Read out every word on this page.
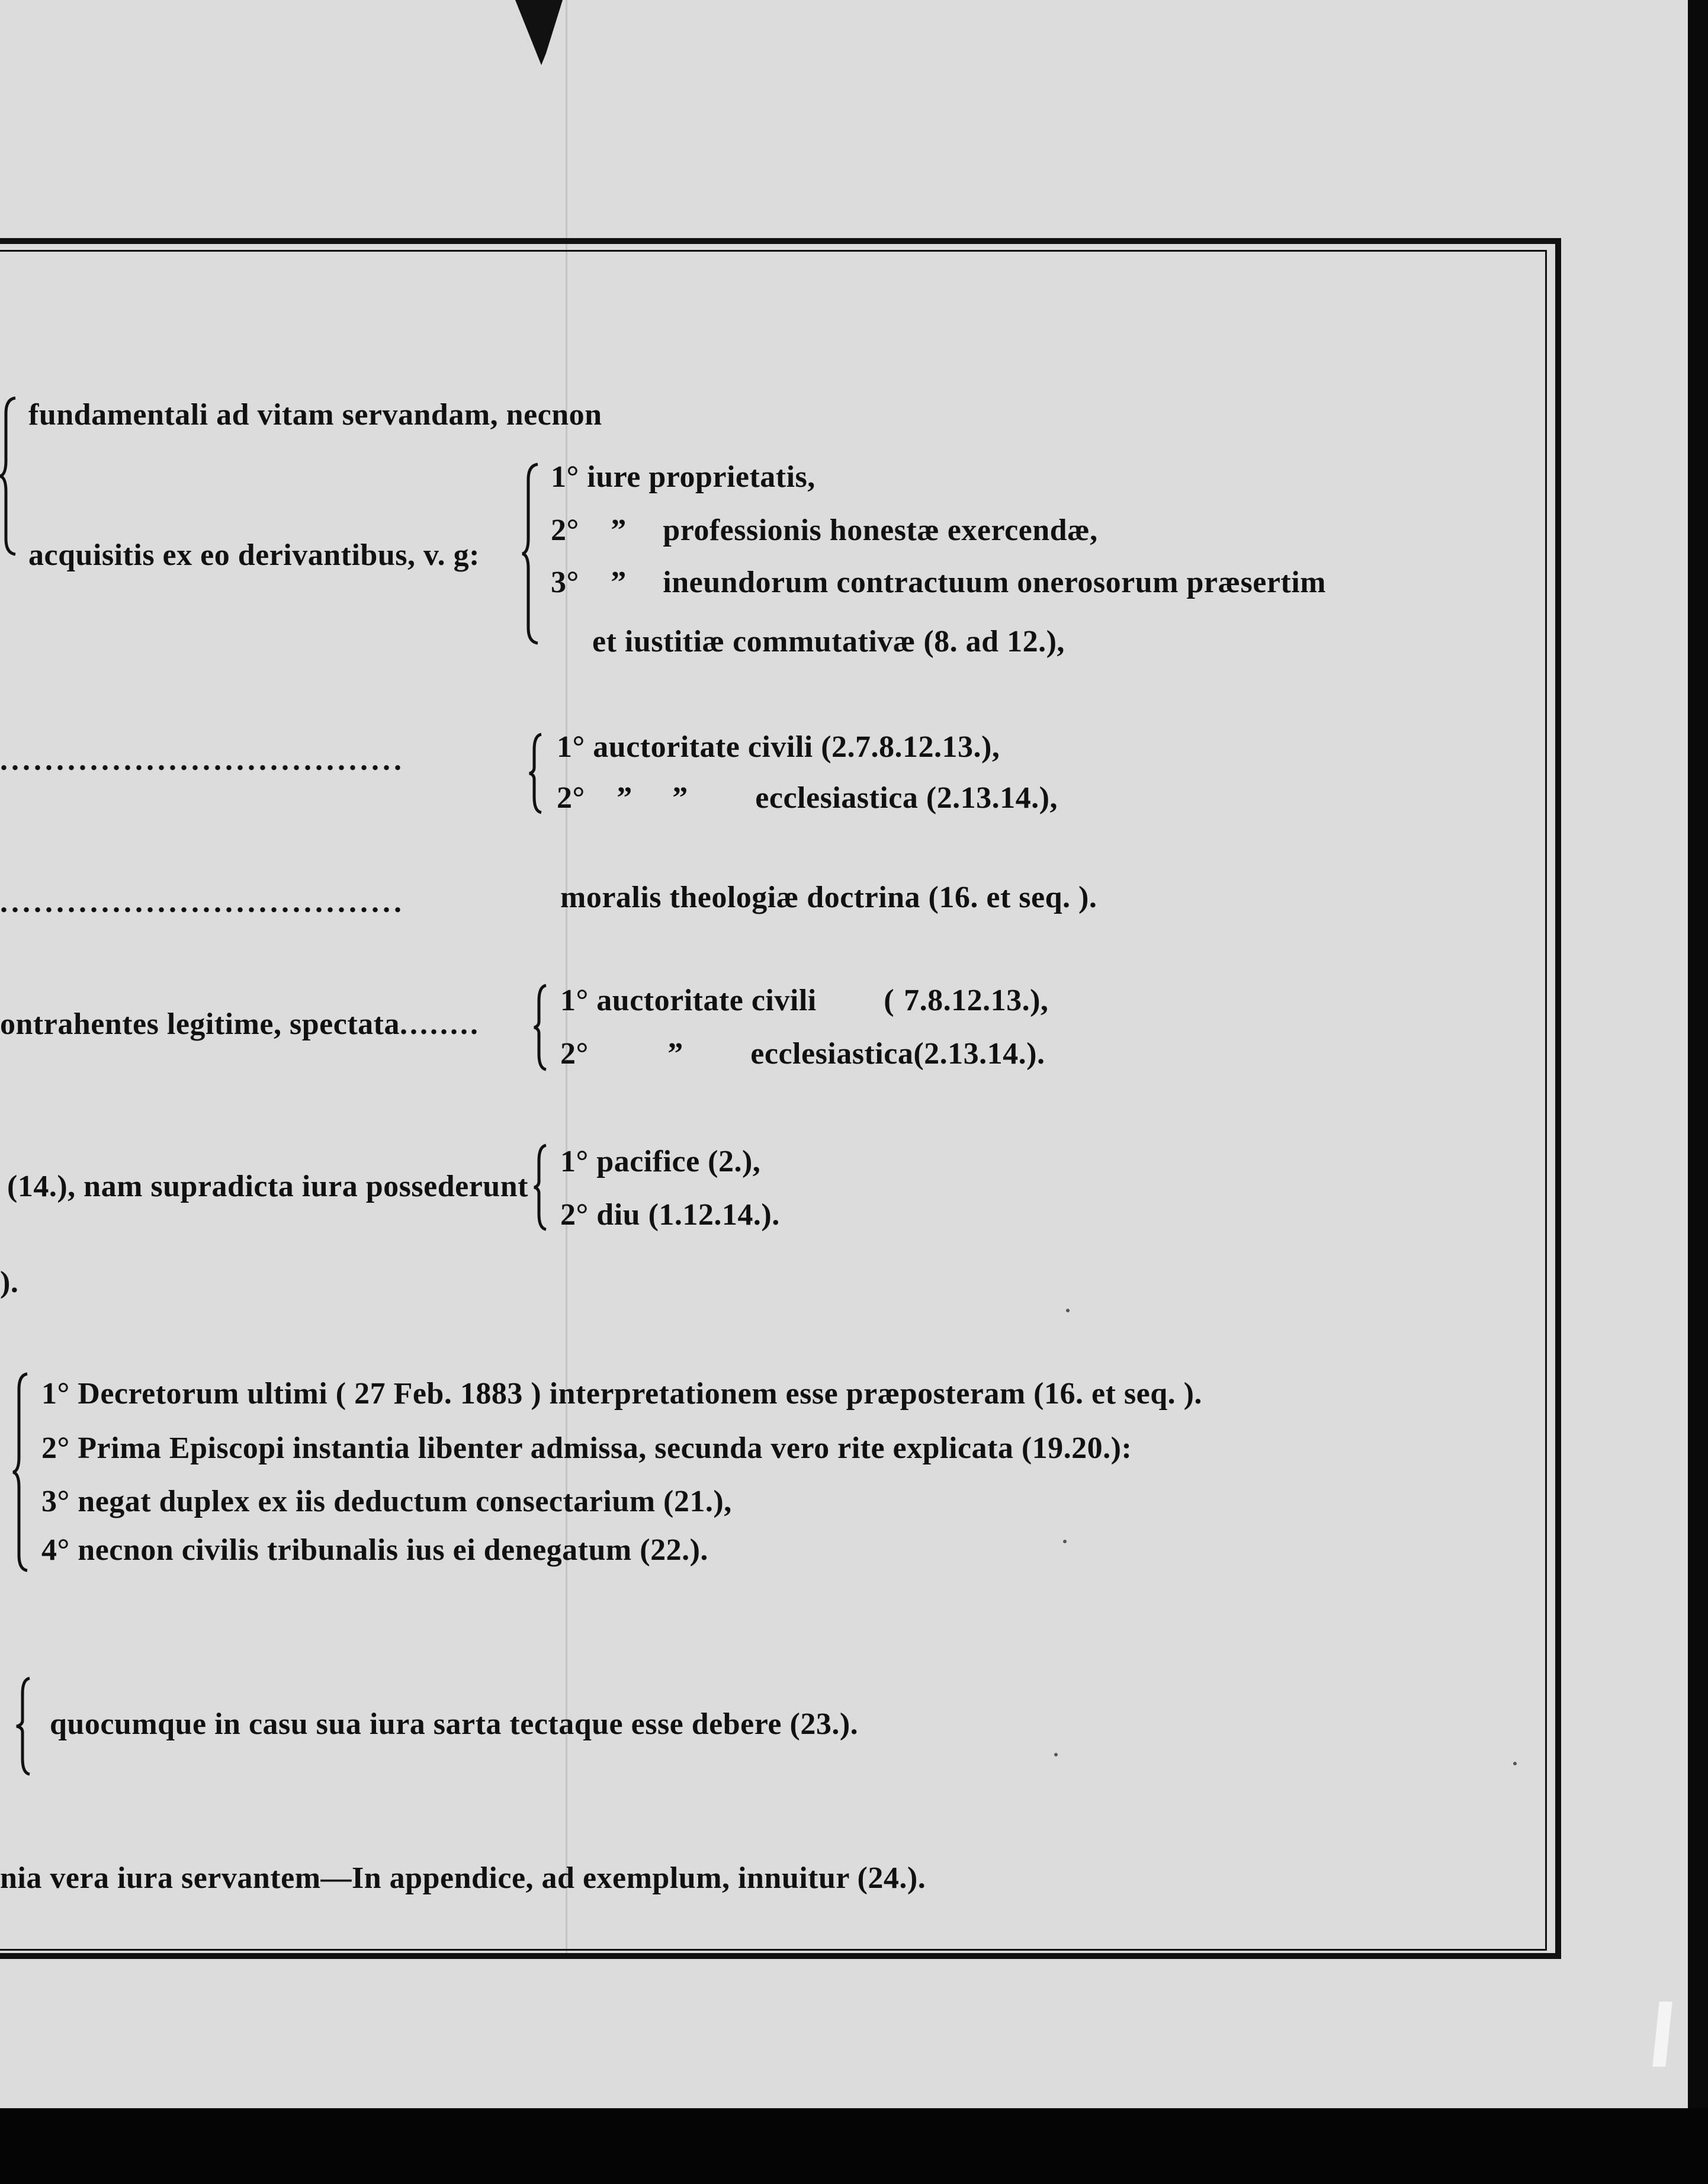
fundamentali ad vitam servandam, necnon
1° iure proprietatis,
2° ” professionis honestæ exercendæ,
acquisitis ex eo derivantibus, v. g:
3° ” ineundorum contractuum onerosorum præsertim
et iustitiæ commutativæ (8. ad 12.),
....................................	1° auctoritate civili (2.7.8.12.13.),
2° ”     ” ecclesiastica (2.13.14.),
....................................	moralis theologiæ doctrina (16. et seq. ).
ontrahentes legitime, spectata........
1° auctoritate civili ( 7.8.12.13.),
2°	” ecclesiastica(2.13.14.).
(14.), nam supradicta iura possederunt
1° pacifice (2.),
2° diu (1.12.14.).
).
1° Decretorum ultimi ( 27 Feb. 1883 ) interpretationem esse præposteram (16. et seq. ).
2° Prima Episcopi instantia libenter admissa, secunda vero rite explicata (19.20.):
3° negat duplex ex iis deductum consectarium (21.),
4° necnon civilis tribunalis ius ei denegatum (22.).
quocumque in casu sua iura sarta tectaque esse debere (23.).
nia vera iura servantem—In appendice, ad exemplum, innuitur (24.).
